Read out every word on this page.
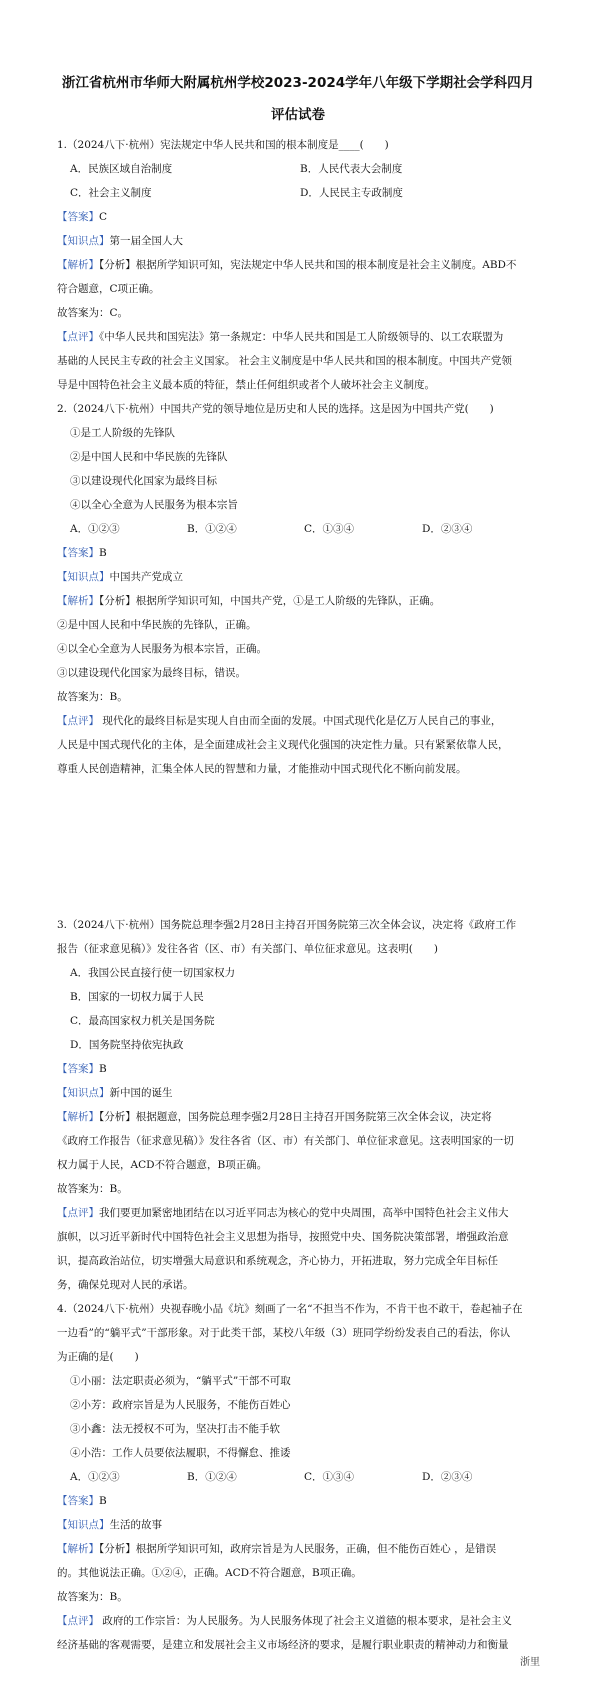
浙江省杭州市华师大附属杭州学校2023-2024学年八年级下学期社会学科四月
评估试卷
1.（2024八下·杭州）宪法规定中华人民共和国的根本制度是____(　　)
A．民族区域自治制度	B．人民代表大会制度
C．社会主义制度	D．人民民主专政制度
【答案】C
【知识点】第一届全国人大
【解析】【分析】根据所学知识可知，宪法规定中华人民共和国的根本制度是社会主义制度。ABD不
符合题意，C项正确。
故答案为：C。
【点评】《中华人民共和国宪法》第一条规定：中华人民共和国是工人阶级领导的、以工农联盟为
基础的人民民主专政的社会主义国家。 社会主义制度是中华人民共和国的根本制度。中国共产党领
导是中国特色社会主义最本质的特征，禁止任何组织或者个人破坏社会主义制度。
2.（2024八下·杭州）中国共产党的领导地位是历史和人民的选择。这是因为中国共产党(　　)
①是工人阶级的先锋队
②是中国人民和中华民族的先锋队
③以建设现代化国家为最终目标
④以全心全意为人民服务为根本宗旨
A．①②③	B．①②④	C．①③④	D．②③④
【答案】B
【知识点】中国共产党成立
【解析】【分析】根据所学知识可知，中国共产党，①是工人阶级的先锋队，正确。
②是中国人民和中华民族的先锋队，正确。
④以全心全意为人民服务为根本宗旨，正确。
③以建设现代化国家为最终目标，错误。
故答案为：B。
【点评】 现代化的最终目标是实现人自由而全面的发展。中国式现代化是亿万人民自己的事业，
人民是中国式现代化的主体，是全面建成社会主义现代化强国的决定性力量。只有紧紧依靠人民，
尊重人民创造精神，汇集全体人民的智慧和力量，才能推动中国式现代化不断向前发展。
3.（2024八下·杭州）国务院总理李强2月28日主持召开国务院第三次全体会议，决定将《政府工作
报告（征求意见稿）》发往各省（区、市）有关部门、单位征求意见。这表明(　　)
A．我国公民直接行使一切国家权力
B．国家的一切权力属于人民
C．最高国家权力机关是国务院
D．国务院坚持依宪执政
【答案】B
【知识点】新中国的诞生
【解析】【分析】根据题意，国务院总理李强2月28日主持召开国务院第三次全体会议，决定将
《政府工作报告（征求意见稿）》发往各省（区、市）有关部门、单位征求意见。这表明国家的一切
权力属于人民，ACD不符合题意，B项正确。
故答案为：B。
【点评】我们要更加紧密地团结在以习近平同志为核心的党中央周围，高举中国特色社会主义伟大
旗帜，以习近平新时代中国特色社会主义思想为指导，按照党中央、国务院决策部署，增强政治意
识，提高政治站位，切实增强大局意识和系统观念，齐心协力，开拓进取，努力完成全年目标任
务，确保兑现对人民的承诺。
4.（2024八下·杭州）央视春晚小品《坑》刻画了一名“不担当不作为，不肯干也不敢干，卷起袖子在
一边看”的“躺平式”干部形象。对于此类干部，某校八年级（3）班同学纷纷发表自己的看法，你认
为正确的是(　　)
①小丽：法定职责必须为，“躺平式”干部不可取
②小芳：政府宗旨是为人民服务，不能伤百姓心
③小鑫：法无授权不可为，坚决打击不能手软
④小浩：工作人员要依法履职，不得懈怠、推诿
A．①②③	B．①②④	C．①③④	D．②③④
【答案】B
【知识点】生活的故事
【解析】【分析】根据所学知识可知，政府宗旨是为人民服务，正确，但不能伤百姓心 ，是错误
的。其他说法正确。①②④，正确。ACD不符合题意，B项正确。
故答案为：B。
【点评】 政府的工作宗旨：为人民服务。为人民服务体现了社会主义道德的根本要求，是社会主义
经济基础的客观需要，是建立和发展社会主义市场经济的要求，是履行职业职责的精神动力和衡量
浙里
